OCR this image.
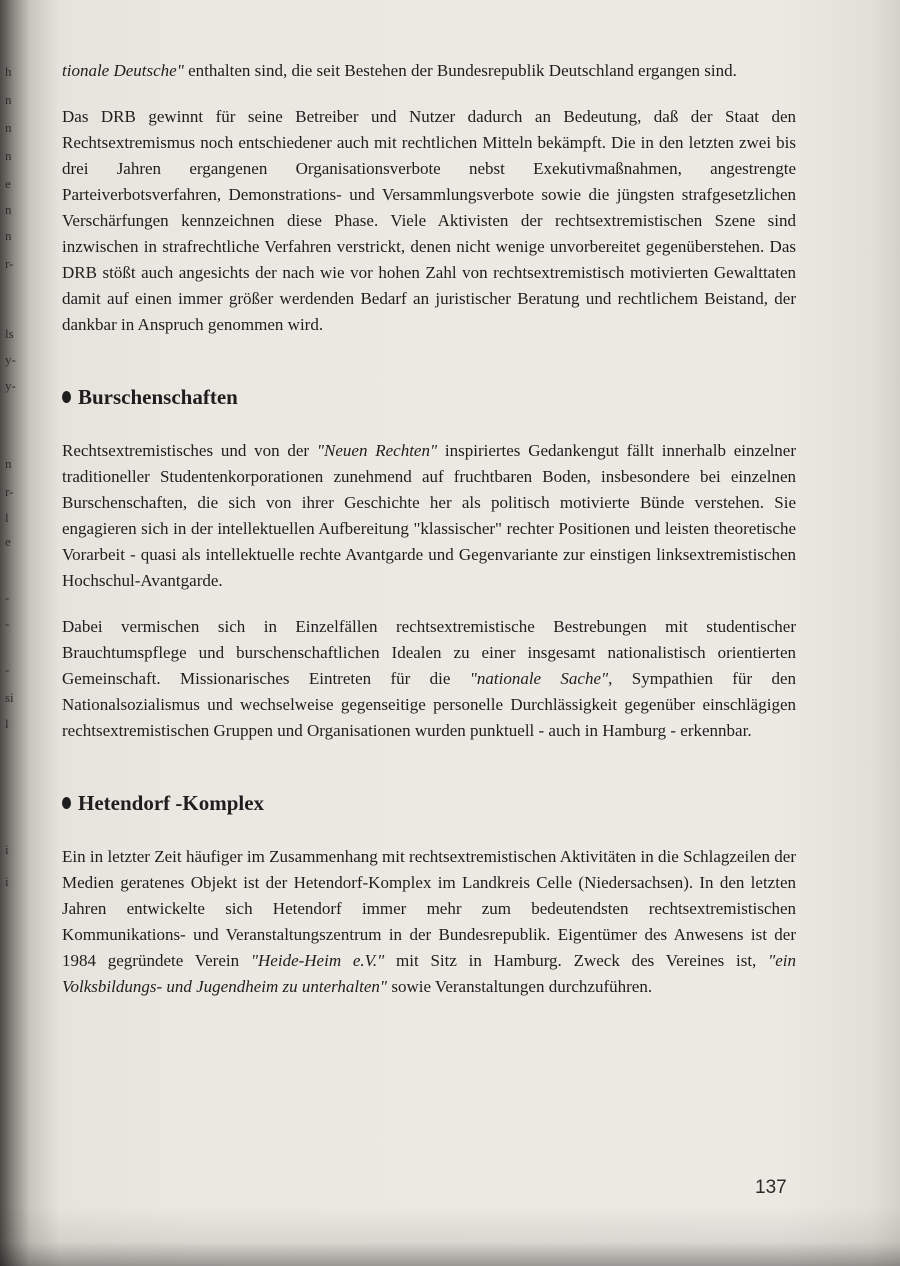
h
n
n
n
e
n
n
r-
ls
y-
y-
n
r-
l
e
-
-
-
si
l
i
i

tionale Deutsche" enthalten sind, die seit Bestehen der Bundesrepublik Deutschland ergangen sind.

Das DRB gewinnt für seine Betreiber und Nutzer dadurch an Bedeutung, daß der Staat den Rechtsextremismus noch entschiedener auch mit rechtlichen Mitteln bekämpft. Die in den letzten zwei bis drei Jahren ergangenen Organisationsverbote nebst Exekutivmaßnahmen, angestrengte Parteiverbotsverfahren, Demonstrations- und Versammlungsverbote sowie die jüngsten strafgesetzlichen Verschärfungen kennzeichnen diese Phase. Viele Aktivisten der rechtsextremistischen Szene sind inzwischen in strafrechtliche Verfahren verstrickt, denen nicht wenige unvorbereitet gegenüberstehen. Das DRB stößt auch angesichts der nach wie vor hohen Zahl von rechtsextremistisch motivierten Gewalttaten damit auf einen immer größer werdenden Bedarf an juristischer Beratung und rechtlichem Beistand, der dankbar in Anspruch genommen wird.

Burschenschaften

Rechtsextremistisches und von der "Neuen Rechten" inspiriertes Gedankengut fällt innerhalb einzelner traditioneller Studentenkorporationen zunehmend auf fruchtbaren Boden, insbesondere bei einzelnen Burschenschaften, die sich von ihrer Geschichte her als politisch motivierte Bünde verstehen. Sie engagieren sich in der intellektuellen Aufbereitung "klassischer" rechter Positionen und leisten theoretische Vorarbeit - quasi als intellektuelle rechte Avantgarde und Gegenvariante zur einstigen linksextremistischen Hochschul-Avantgarde.

Dabei vermischen sich in Einzelfällen rechtsextremistische Bestrebungen mit studentischer Brauchtumspflege und burschenschaftlichen Idealen zu einer insgesamt nationalistisch orientierten Gemeinschaft. Missionarisches Eintreten für die "nationale Sache", Sympathien für den Nationalsozialismus und wechselweise gegenseitige personelle Durchlässigkeit gegenüber einschlägigen rechtsextremistischen Gruppen und Organisationen wurden punktuell - auch in Hamburg - erkennbar.

Hetendorf -Komplex

Ein in letzter Zeit häufiger im Zusammenhang mit rechtsextremistischen Aktivitäten in die Schlagzeilen der Medien geratenes Objekt ist der Hetendorf-Komplex im Landkreis Celle (Niedersachsen). In den letzten Jahren entwickelte sich Hetendorf immer mehr zum bedeutendsten rechtsextremistischen Kommunikations- und Veranstaltungszentrum in der Bundesrepublik. Eigentümer des Anwesens ist der 1984 gegründete Verein "Heide-Heim e.V." mit Sitz in Hamburg. Zweck des Vereines ist, "ein Volksbildungs- und Jugendheim zu unterhalten" sowie Veranstaltungen durchzuführen.

137
